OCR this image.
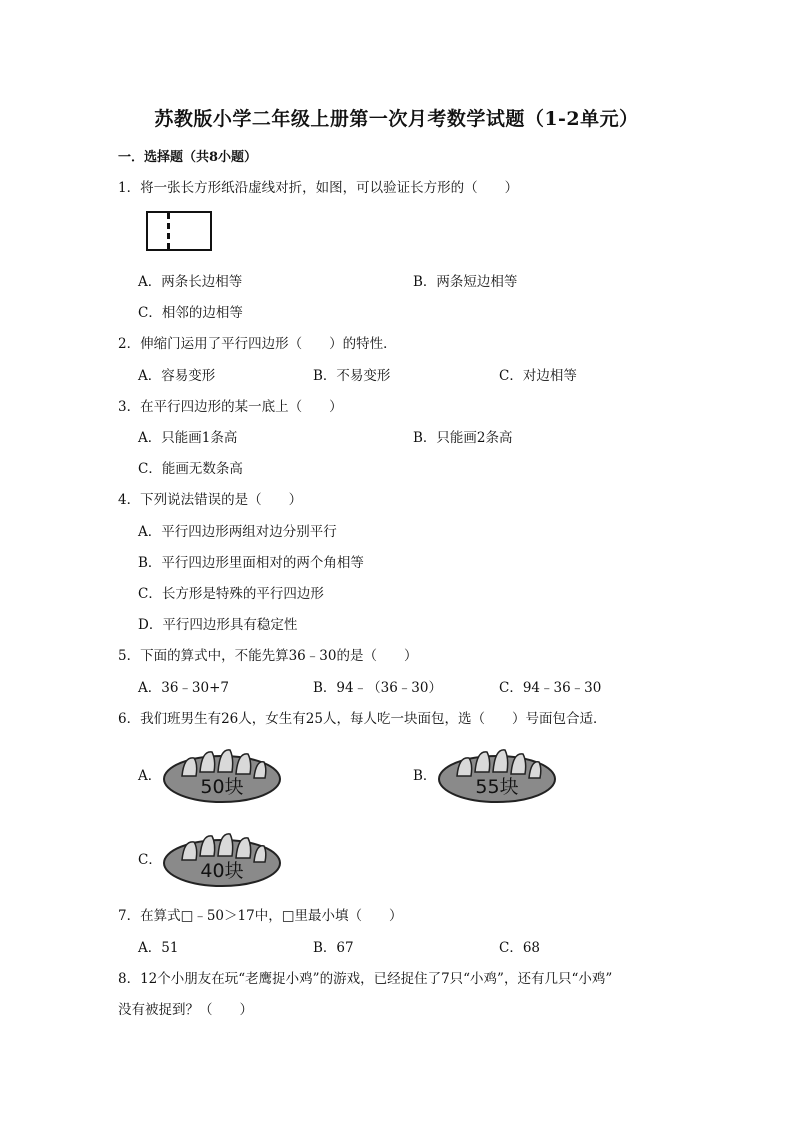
苏教版小学二年级上册第一次月考数学试题（1-2单元）
一．选择题（共8小题）
1．将一张长方形纸沿虚线对折，如图，可以验证长方形的（　　）
A．两条长边相等	B．两条短边相等
C．相邻的边相等
2．伸缩门运用了平行四边形（　　）的特性．
A．容易变形	B．不易变形	C．对边相等
3．在平行四边形的某一底上（　　）
A．只能画1条高	B．只能画2条高
C．能画无数条高
4．下列说法错误的是（　　）
A．平行四边形两组对边分别平行
B．平行四边形里面相对的两个角相等
C．长方形是特殊的平行四边形
D．平行四边形具有稳定性
5．下面的算式中，不能先算36﹣30的是（　　）
A．36﹣30+7	B．94﹣（36﹣30）	C．94﹣36﹣30
6．我们班男生有26人，女生有25人，每人吃一块面包，选（　　）号面包合适．
A． 50块	B． 55块
C． 40块
7．在算式□﹣50＞17中，□里最小填（　　）
A．51	B．67	C．68
8．12个小朋友在玩“老鹰捉小鸡”的游戏，已经捉住了7只“小鸡”，还有几只“小鸡”
没有被捉到？（　　）
